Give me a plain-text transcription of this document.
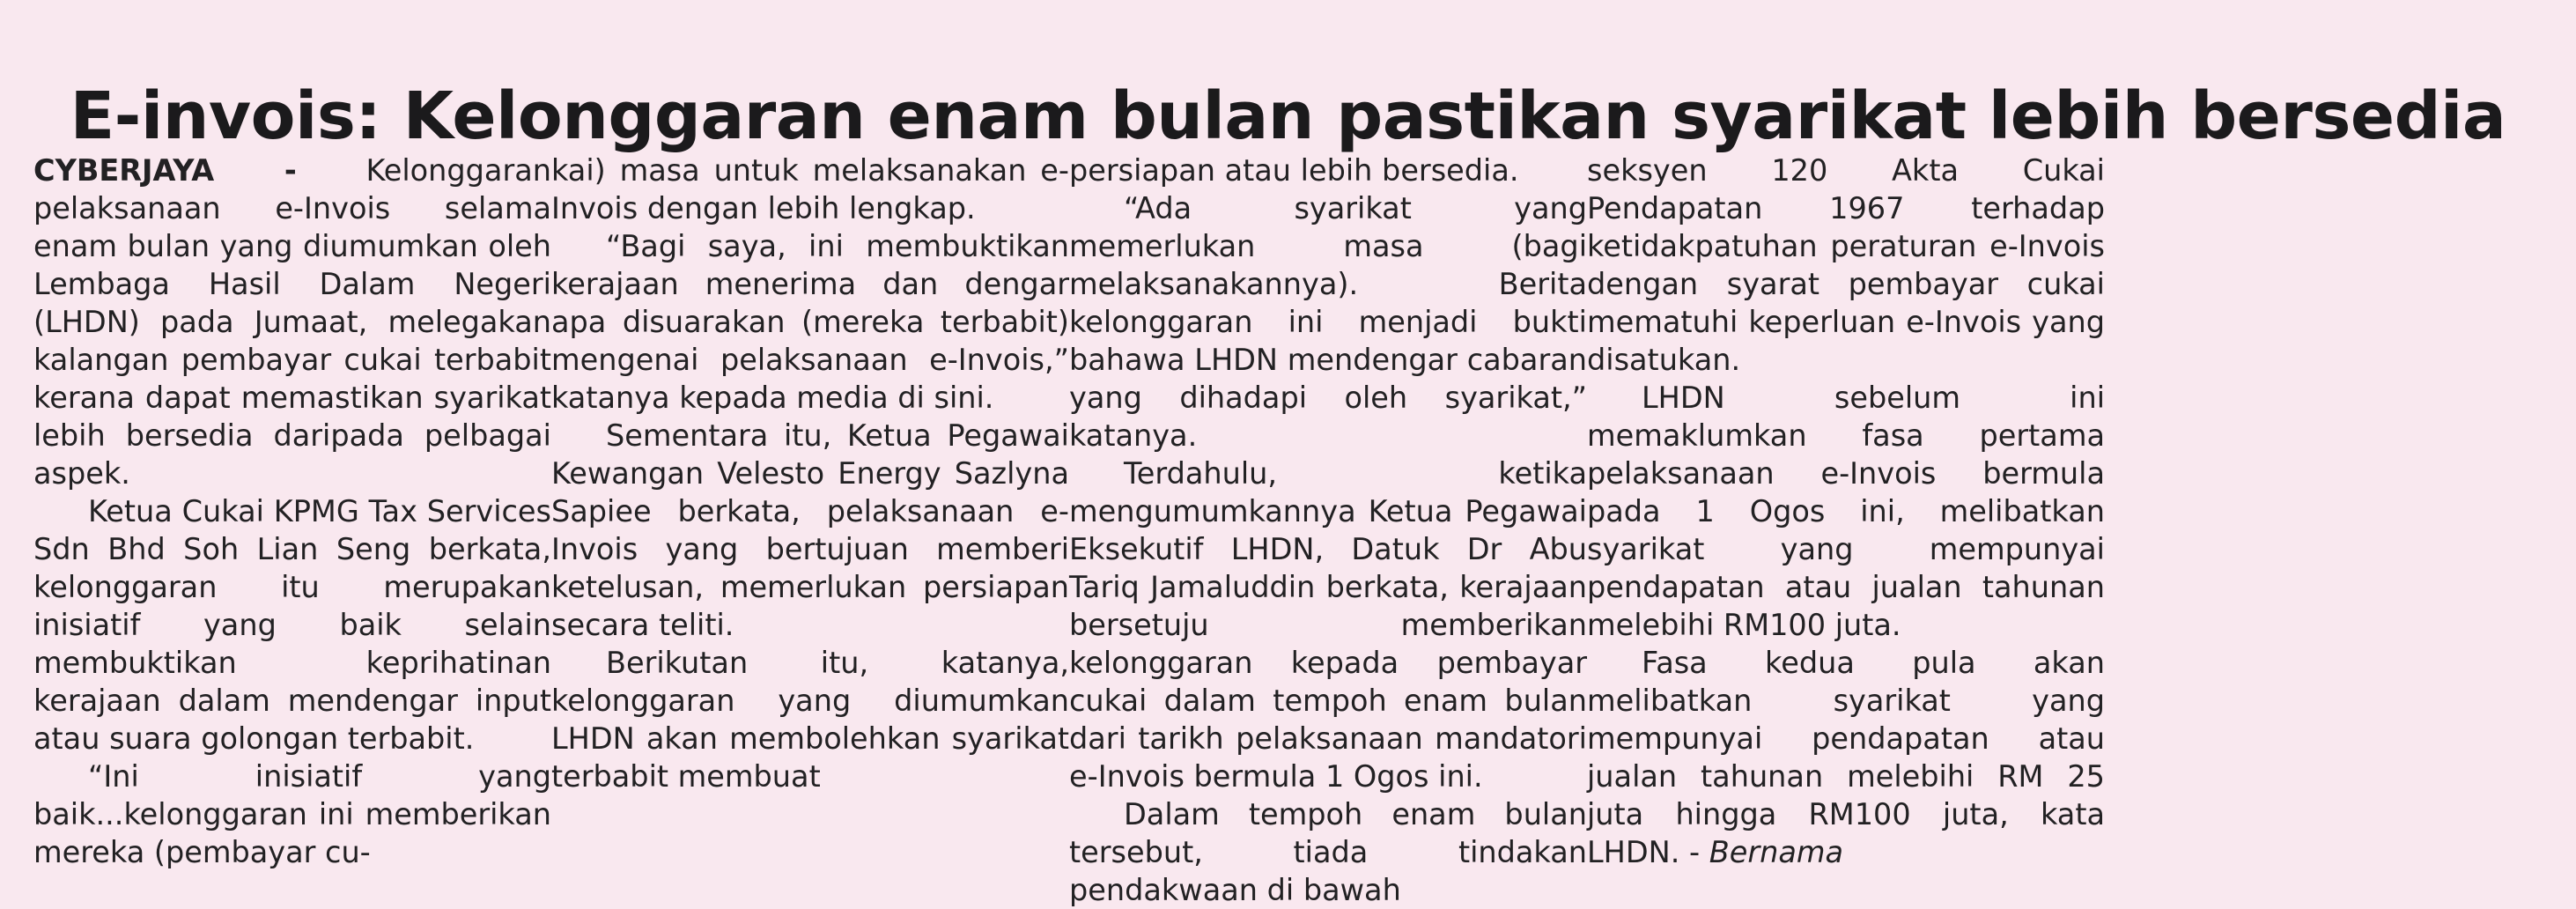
E-invois: Kelonggaran enam bulan pastikan syarikat lebih bersedia

CYBERJAYA - Kelonggaran pelaksanaan e-Invois selama enam bulan yang diumumkan oleh Lembaga Hasil Dalam Negeri (LHDN) pada Jumaat, melegakan kalangan pembayar cukai terbabit kerana dapat memastikan syarikat lebih bersedia daripada pelbagai aspek.

Ketua Cukai KPMG Tax Services Sdn Bhd Soh Lian Seng berkata, kelonggaran itu merupakan inisiatif yang baik selain membuktikan keprihatinan kerajaan dalam mendengar input atau suara golongan terbabit.

“Ini inisiatif yang baik...kelonggaran ini memberikan mereka (pembayar cu-

kai) masa untuk melaksanakan e-Invois dengan lebih lengkap.

“Bagi saya, ini membuktikan kerajaan menerima dan dengar apa disuarakan (mereka terbabit) mengenai pelaksanaan e-Invois,” katanya kepada media di sini.

Sementara itu, Ketua Pegawai Kewangan Velesto Energy Sazlyna Sapiee berkata, pelaksanaan e-Invois yang bertujuan memberi ketelusan, memerlukan persiapan secara teliti.

Berikutan itu, katanya, kelonggaran yang diumumkan LHDN akan membolehkan syarikat terbabit membuat

persiapan atau lebih bersedia.

“Ada syarikat yang memerlukan masa (bagi melaksanakannya). Berita kelonggaran ini menjadi bukti bahawa LHDN mendengar cabaran yang dihadapi oleh syarikat,” katanya.

Terdahulu, ketika mengumumkannya Ketua Pegawai Eksekutif LHDN, Datuk Dr Abu Tariq Jamaluddin berkata, kerajaan bersetuju memberikan kelonggaran kepada pembayar cukai dalam tempoh enam bulan dari tarikh pelaksanaan mandatori e-Invois bermula 1 Ogos ini.

Dalam tempoh enam bulan tersebut, tiada tindakan pendakwaan di bawah

seksyen 120 Akta Cukai Pendapatan 1967 terhadap ketidakpatuhan peraturan e-Invois dengan syarat pembayar cukai mematuhi keperluan e-Invois yang disatukan.

LHDN sebelum ini memaklumkan fasa pertama pelaksanaan e-Invois bermula pada 1 Ogos ini, melibatkan syarikat yang mempunyai pendapatan atau jualan tahunan melebihi RM100 juta.

Fasa kedua pula akan melibatkan syarikat yang mempunyai pendapatan atau jualan tahunan melebihi RM 25 juta hingga RM100 juta, kata LHDN. - Bernama
